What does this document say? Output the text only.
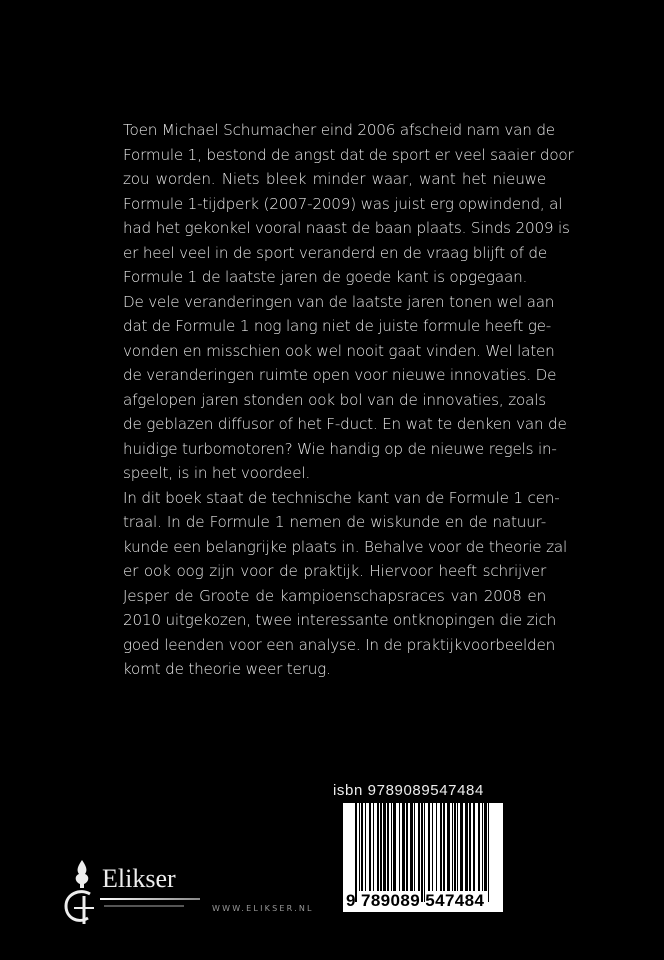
Toen Michael Schumacher eind 2006 afscheid nam van de
Formule 1, bestond de angst dat de sport er veel saaier door
zou worden. Niets bleek minder waar, want het nieuwe
Formule 1-tijdperk (2007-2009) was juist erg opwindend, al
had het gekonkel vooral naast de baan plaats. Sinds 2009 is
er heel veel in de sport veranderd en de vraag blijft of de
Formule 1 de laatste jaren de goede kant is opgegaan.
De vele veranderingen van de laatste jaren tonen wel aan
dat de Formule 1 nog lang niet de juiste formule heeft ge-
vonden en misschien ook wel nooit gaat vinden. Wel laten
de veranderingen ruimte open voor nieuwe innovaties. De
afgelopen jaren stonden ook bol van de innovaties, zoals
de geblazen diffusor of het F-duct. En wat te denken van de
huidige turbomotoren? Wie handig op de nieuwe regels in-
speelt, is in het voordeel.
In dit boek staat de technische kant van de Formule 1 cen-
traal. In de Formule 1 nemen de wiskunde en de natuur-
kunde een belangrijke plaats in. Behalve voor de theorie zal
er ook oog zijn voor de praktijk. Hiervoor heeft schrijver
Jesper de Groote de kampioenschapsraces van 2008 en
2010 uitgekozen, twee interessante ontknopingen die zich
goed leenden voor een analyse. In de praktijkvoorbeelden
komt de theorie weer terug.
isbn 9789089547484
9 789089 547484
Elikser
WWW.ELIKSER.NL
